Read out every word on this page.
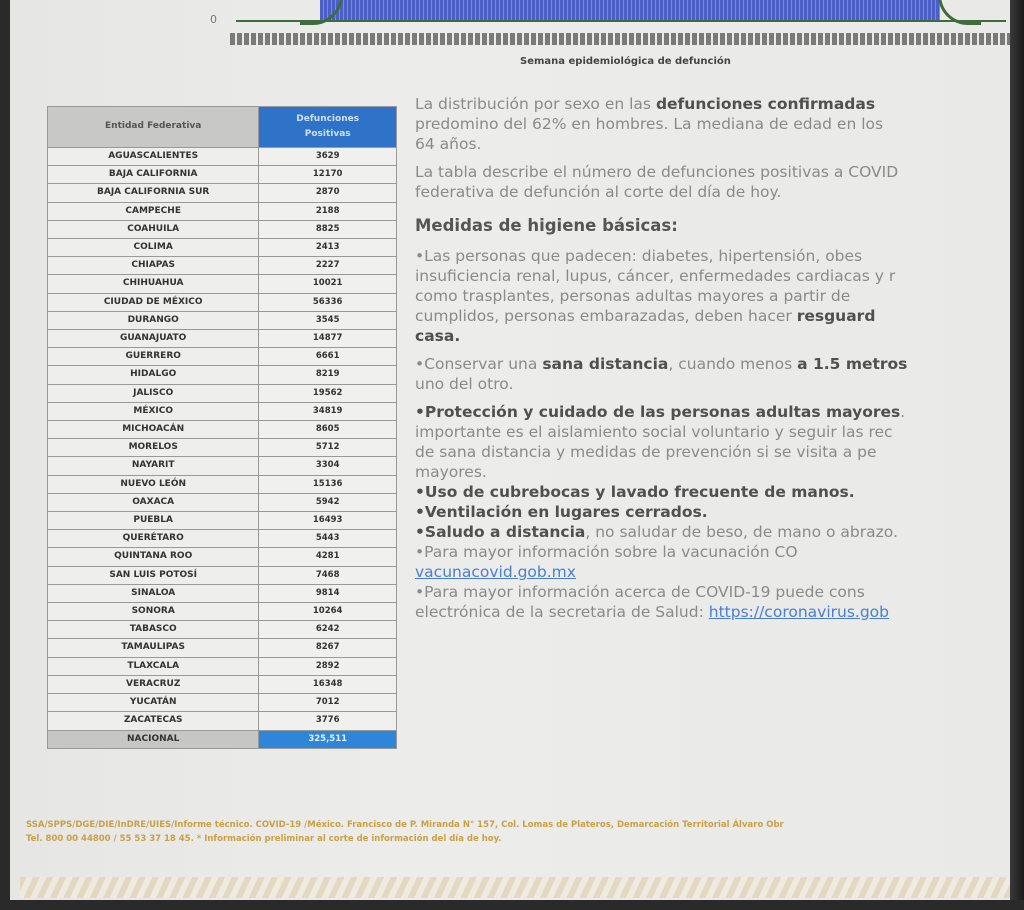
0
Semana epidemiológica de defunción
Entidad Federativa	Defunciones
Positivas
AGUASCALIENTES	3629
BAJA CALIFORNIA	12170
BAJA CALIFORNIA SUR	2870
CAMPECHE	2188
COAHUILA	8825
COLIMA	2413
CHIAPAS	2227
CHIHUAHUA	10021
CIUDAD DE MÉXICO	56336
DURANGO	3545
GUANAJUATO	14877
GUERRERO	6661
HIDALGO	8219
JALISCO	19562
MÉXICO	34819
MICHOACÁN	8605
MORELOS	5712
NAYARIT	3304
NUEVO LEÓN	15136
OAXACA	5942
PUEBLA	16493
QUERÉTARO	5443
QUINTANA ROO	4281
SAN LUIS POTOSÍ	7468
SINALOA	9814
SONORA	10264
TABASCO	6242
TAMAULIPAS	8267
TLAXCALA	2892
VERACRUZ	16348
YUCATÁN	7012
ZACATECAS	3776
NACIONAL	325,511

La distribución por sexo en las defunciones confirmadas

predomino del 62% en hombres. La mediana de edad en los

64 años.

La tabla describe el número de defunciones positivas a COVID

federativa de defunción al corte del día de hoy.

Medidas de higiene básicas:

•Las personas que padecen: diabetes, hipertensión, obes

insuficiencia renal, lupus, cáncer, enfermedades cardiacas y r

como trasplantes, personas adultas mayores a partir de

cumplidos, personas embarazadas, deben hacer resguard

casa.

•Conservar una sana distancia, cuando menos a 1.5 metros

uno del otro.

•Protección y cuidado de las personas adultas mayores.

importante es el aislamiento social voluntario y seguir las rec

de sana distancia y medidas de prevención si se visita a pe

mayores.

•Uso de cubrebocas y lavado frecuente de manos.

•Ventilación en lugares cerrados.

•Saludo a distancia, no saludar de beso, de mano o abrazo.

•Para mayor información sobre la vacunación CO

vacunacovid.gob.mx

•Para mayor información acerca de COVID-19 puede cons

electrónica de la secretaria de Salud: https://coronavirus.gob

SSA/SPPS/DGE/DIE/InDRE/UIES/Informe técnico. COVID-19 /México. Francisco de P. Miranda N° 157, Col. Lomas de Plateros, Demarcación Territorial Álvaro Obr
Tel. 800 00 44800 / 55 53 37 18 45. * Información preliminar al corte de información del día de hoy.
